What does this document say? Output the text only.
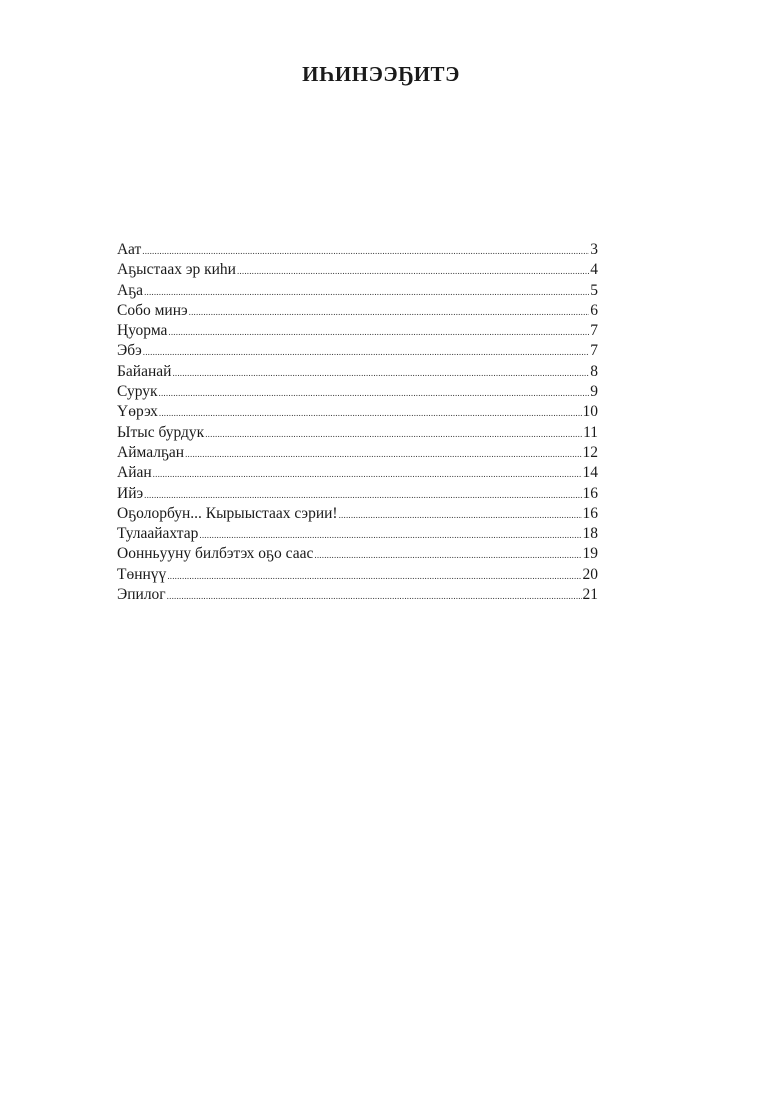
ИҺИНЭЭҔИТЭ
Аат .....	3
Аҕыстаах эр киһи .....	4
Аҕа .....	5
Собо минэ .....	6
Ңуорма .....	7
Эбэ .....	7
Байанай .....	8
Сурук .....	9
Үөрэх .....	10
Ытыс бурдук .....	11
Аймалҕан .....	12
Айан .....	14
Ийэ .....	16
Оҕолорбун... Кырыыстаах сэрии! .....	16
Тулаайахтар .....	18
Оонньууну билбэтэх оҕо саас .....	19
Төннүү .....	20
Эпилог .....	21
